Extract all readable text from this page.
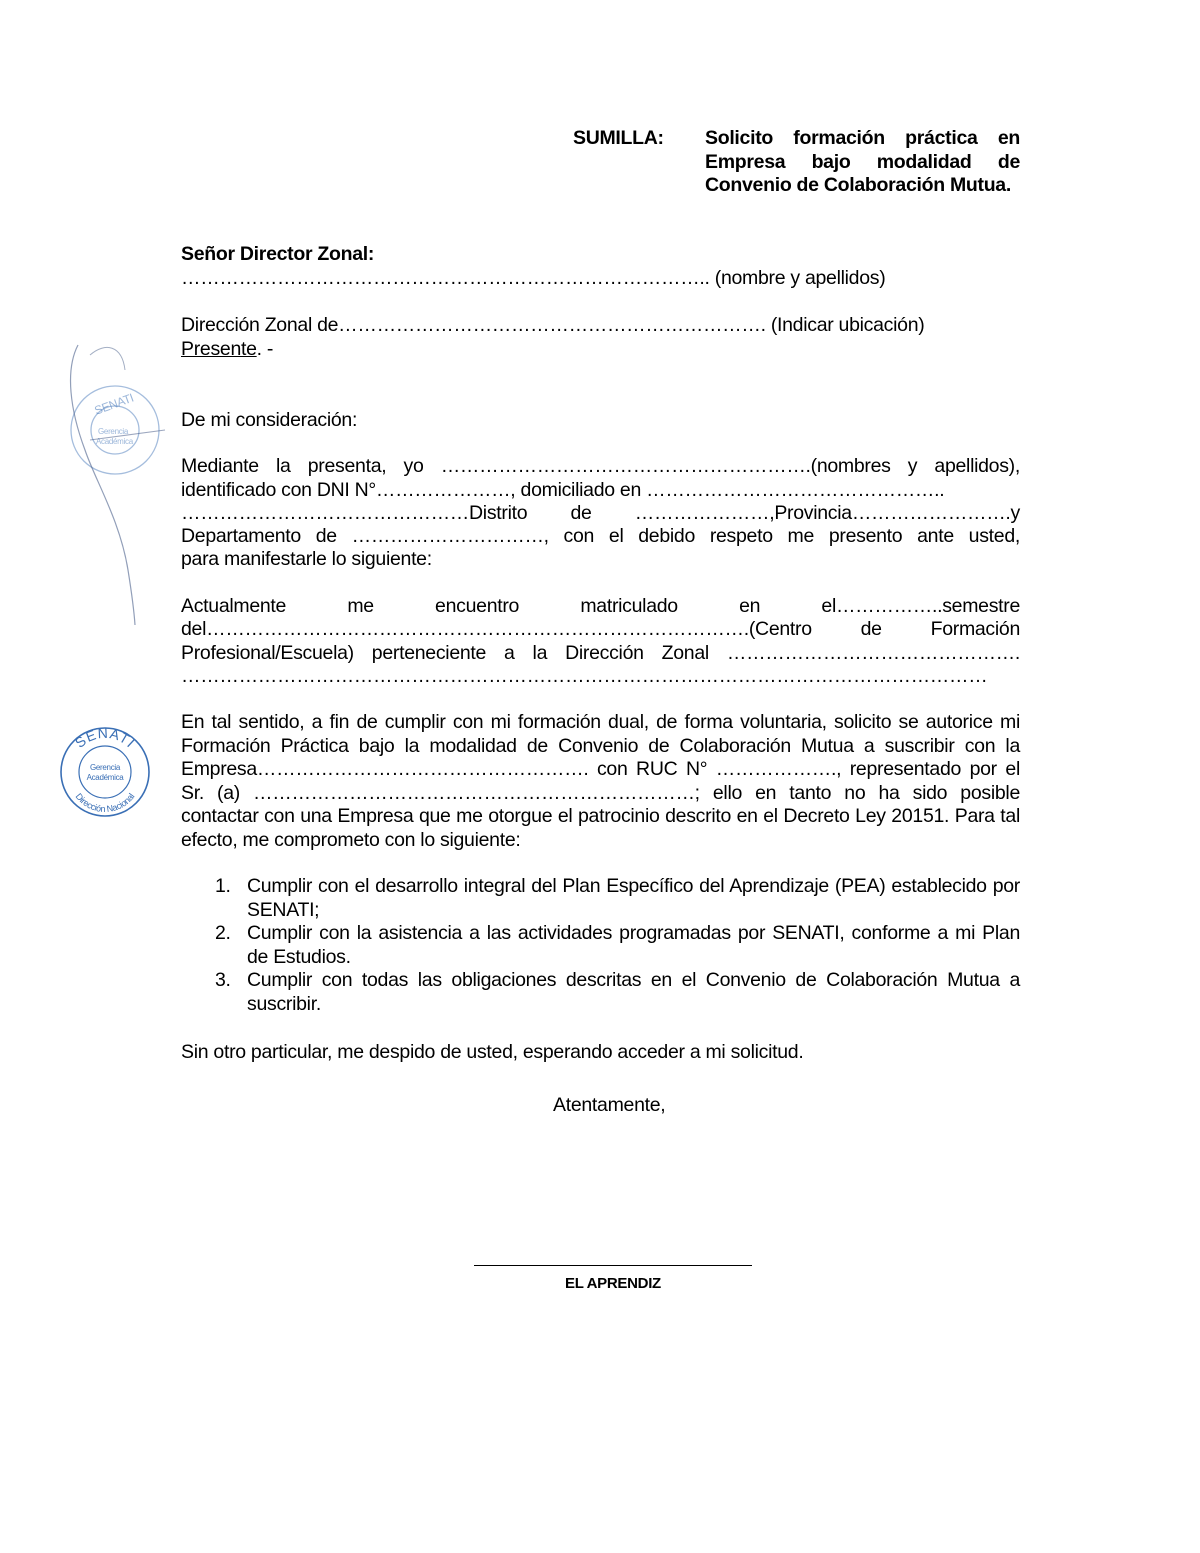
SUMILLA: Solicito formación práctica en Empresa bajo modalidad de Convenio de Colaboración Mutua.
Señor Director Zonal:
……………………………………………………………………….. (nombre y apellidos)
Dirección Zonal de…………………………………………………………. (Indicar ubicación)
Presente. -
De mi consideración:
Mediante la presenta, yo ………………………………………………….(nombres y apellidos),
identificado con DNI N°…………………, domiciliado en ………………………………………..
………………………………………Distrito de …………………,Provincia…………………….y
Departamento de …………………………, con el debido respeto me presento ante usted,
para manifestarle lo siguiente:
Actualmente me encuentro matriculado en el……………..semestre
del………………………………………………………………………….(Centro de Formación
Profesional/Escuela) perteneciente a la Dirección Zonal ……………………………………….
………………………………………………………………………………………………………………
En tal sentido, a fin de cumplir con mi formación dual, de forma voluntaria, solicito se autorice mi Formación Práctica bajo la modalidad de Convenio de Colaboración Mutua a suscribir con la Empresa……………………………………………. con RUC N° ………………., representado por el Sr. (a) ……………………………………………………………; ello en tanto no ha sido posible contactar con una Empresa que me otorgue el patrocinio descrito en el Decreto Ley 20151. Para tal efecto, me comprometo con lo siguiente:
1. Cumplir con el desarrollo integral del Plan Específico del Aprendizaje (PEA) establecido por SENATI;
2. Cumplir con la asistencia a las actividades programadas por SENATI, conforme a mi Plan de Estudios.
3. Cumplir con todas las obligaciones descritas en el Convenio de Colaboración Mutua a suscribir.
Sin otro particular, me despido de usted, esperando acceder a mi solicitud.
Atentamente,
EL APRENDIZ
SENATI
Gerencia
Académica
SENATI
Gerencia
Académica
Dirección Nacional
